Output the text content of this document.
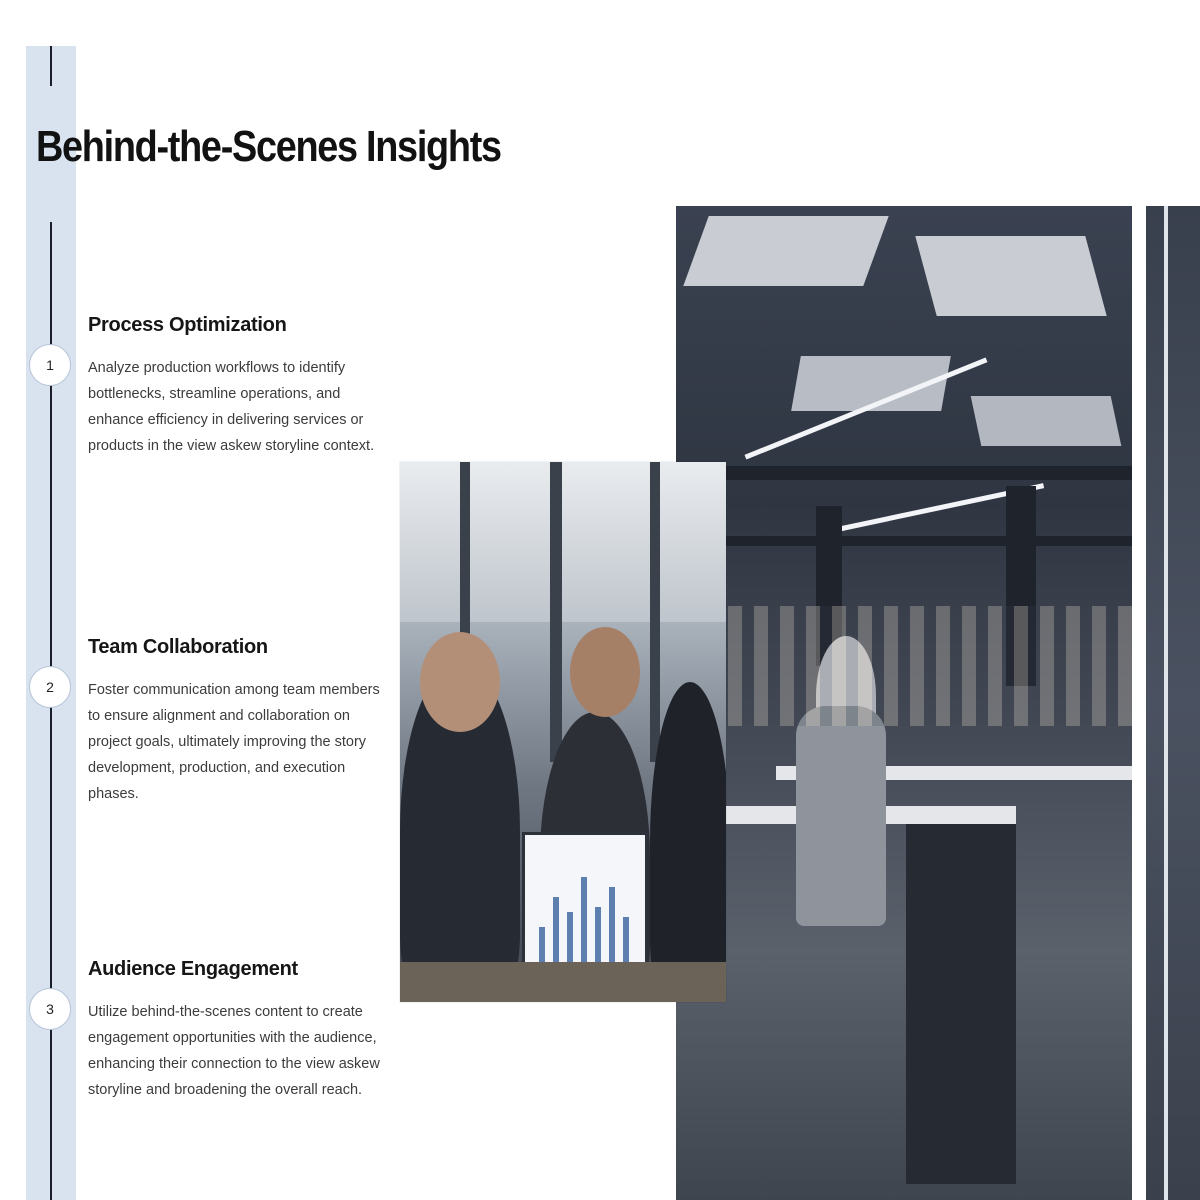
1
2
3
Behind-the-Scenes Insights
Process Optimization

Analyze production workflows to identify bottlenecks, streamline operations, and enhance efficiency in delivering services or products in the view askew storyline context.

Team Collaboration

Foster communication among team members to ensure alignment and collaboration on project goals, ultimately improving the story development, production, and execution phases.

Audience Engagement

Utilize behind-the-scenes content to create engagement opportunities with the audience, enhancing their connection to the view askew storyline and broadening the overall reach.
